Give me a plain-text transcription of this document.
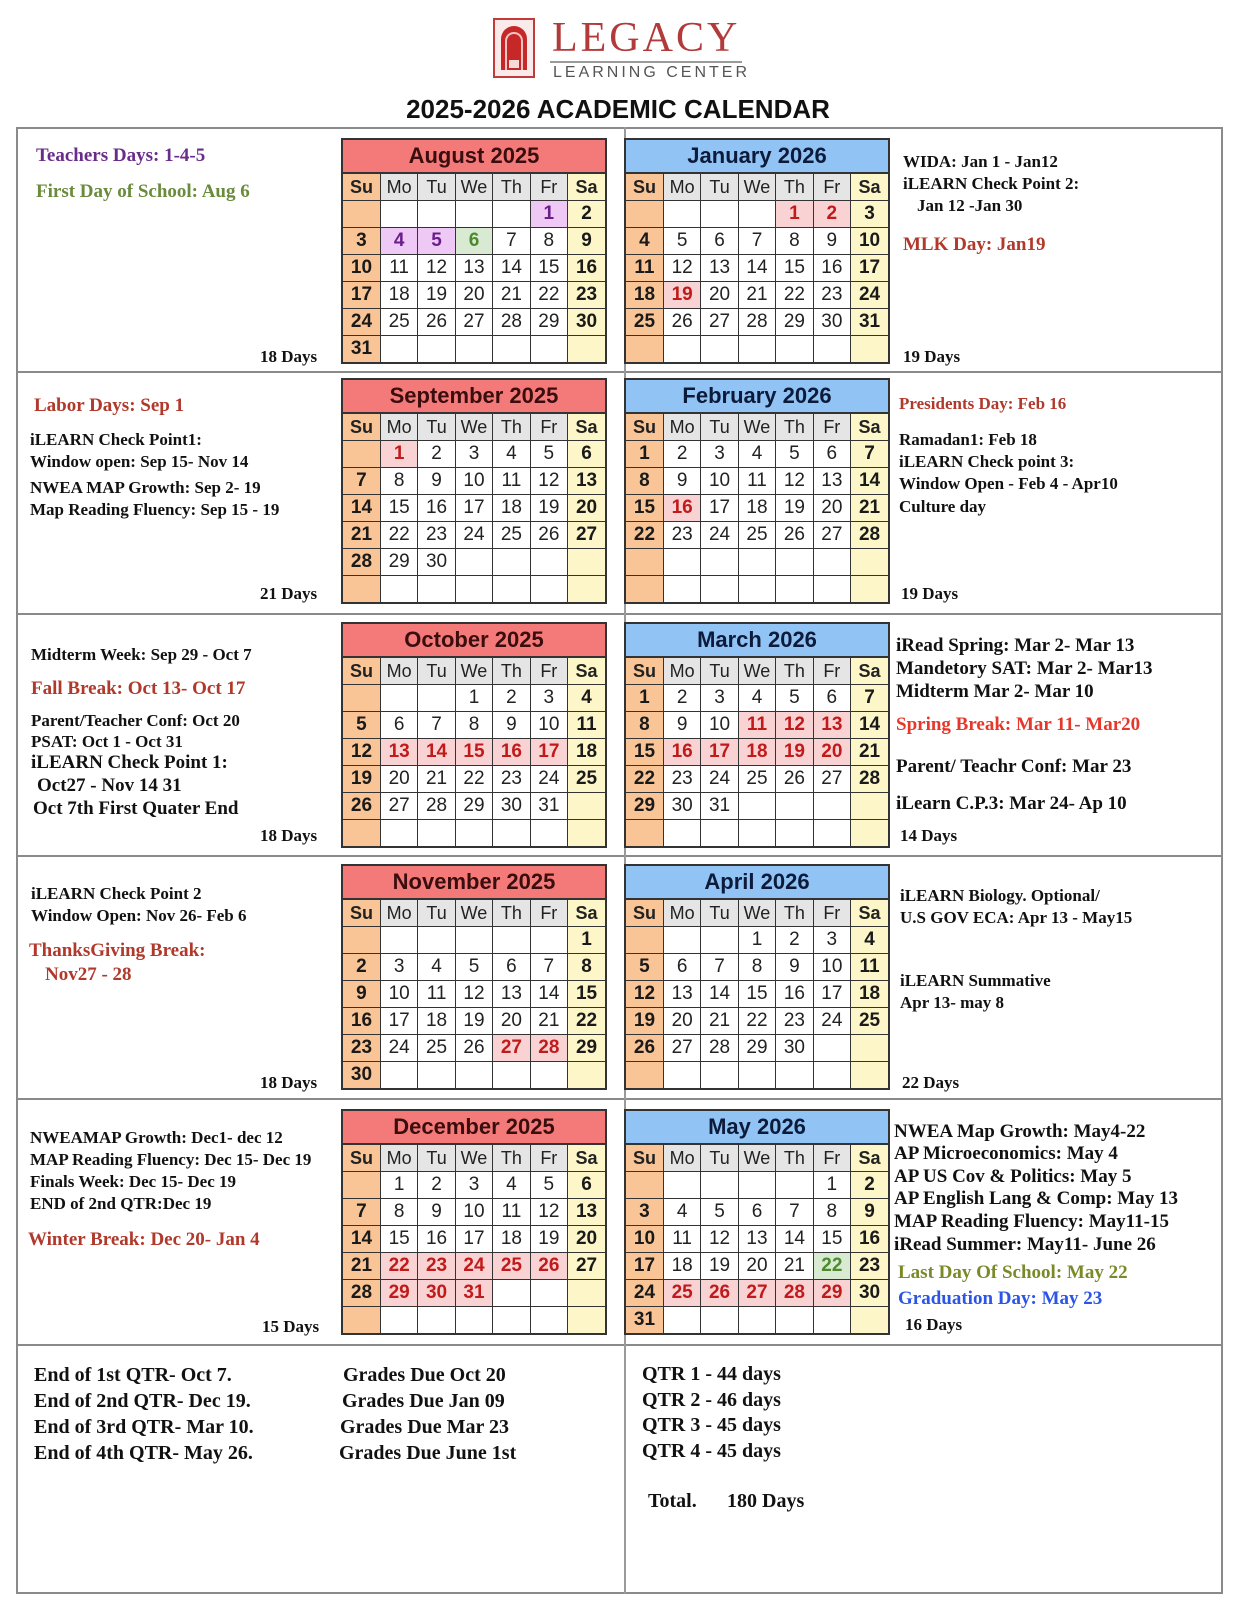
LEGACY
LEARNING CENTER
2025-2026 ACADEMIC CALENDAR
August 2025
Su	Mo	Tu	We	Th	Fr	Sa
					1	2
3	4	5	6	7	8	9
10	11	12	13	14	15	16
17	18	19	20	21	22	23
24	25	26	27	28	29	30
31						
January 2026
Su	Mo	Tu	We	Th	Fr	Sa
				1	2	3
4	5	6	7	8	9	10
11	12	13	14	15	16	17
18	19	20	21	22	23	24
25	26	27	28	29	30	31

September 2025
Su	Mo	Tu	We	Th	Fr	Sa
	1	2	3	4	5	6
7	8	9	10	11	12	13
14	15	16	17	18	19	20
21	22	23	24	25	26	27
28	29	30				

February 2026
Su	Mo	Tu	We	Th	Fr	Sa
1	2	3	4	5	6	7
8	9	10	11	12	13	14
15	16	17	18	19	20	21
22	23	24	25	26	27	28

October 2025
Su	Mo	Tu	We	Th	Fr	Sa
			1	2	3	4
5	6	7	8	9	10	11
12	13	14	15	16	17	18
19	20	21	22	23	24	25
26	27	28	29	30	31	

March 2026
Su	Mo	Tu	We	Th	Fr	Sa
1	2	3	4	5	6	7
8	9	10	11	12	13	14
15	16	17	18	19	20	21
22	23	24	25	26	27	28
29	30	31				

November 2025
Su	Mo	Tu	We	Th	Fr	Sa
						1
2	3	4	5	6	7	8
9	10	11	12	13	14	15
16	17	18	19	20	21	22
23	24	25	26	27	28	29
30						
April 2026
Su	Mo	Tu	We	Th	Fr	Sa
			1	2	3	4
5	6	7	8	9	10	11
12	13	14	15	16	17	18
19	20	21	22	23	24	25
26	27	28	29	30		

December 2025
Su	Mo	Tu	We	Th	Fr	Sa
	1	2	3	4	5	6
7	8	9	10	11	12	13
14	15	16	17	18	19	20
21	22	23	24	25	26	27
28	29	30	31			

May 2026
Su	Mo	Tu	We	Th	Fr	Sa
					1	2
3	4	5	6	7	8	9
10	11	12	13	14	15	16
17	18	19	20	21	22	23
24	25	26	27	28	29	30
31						
Teachers Days: 1-4-5
First Day of School: Aug 6
18 Days
WIDA: Jan 1 - Jan12
iLEARN Check Point 2:
Jan 12 -Jan 30
MLK Day: Jan19
19 Days
Labor Days: Sep 1
iLEARN Check Point1:
Window open: Sep 15- Nov 14
NWEA MAP Growth: Sep 2- 19
Map Reading Fluency: Sep 15 - 19
21 Days
Presidents Day: Feb 16
Ramadan1: Feb 18
iLEARN Check point 3:
Window Open - Feb 4 - Apr10
Culture day
19 Days
Midterm Week: Sep 29 - Oct 7
Fall Break: Oct 13- Oct 17
Parent/Teacher Conf: Oct 20
PSAT: Oct 1 - Oct 31
iLEARN Check Point 1:
Oct27 - Nov 14 31
Oct 7th First Quater End
18 Days
iRead Spring: Mar 2- Mar 13
Mandetory SAT: Mar 2- Mar13
Midterm Mar 2- Mar 10
Spring Break: Mar 11- Mar20
Parent/ Teachr Conf: Mar 23
iLearn C.P.3: Mar 24- Ap 10
14 Days
iLEARN Check Point 2
Window Open: Nov 26- Feb 6
ThanksGiving Break:
Nov27 - 28
18 Days
iLEARN Biology. Optional/
U.S GOV ECA: Apr 13 - May15
iLEARN Summative
Apr 13- may 8
22 Days
NWEAMAP Growth: Dec1- dec 12
MAP Reading Fluency: Dec 15- Dec 19
Finals Week: Dec 15- Dec 19
END of 2nd QTR:Dec 19
Winter Break: Dec 20- Jan 4
15 Days
NWEA Map Growth: May4-22
AP Microeconomics: May 4
AP US Cov & Politics: May 5
AP English Lang & Comp: May 13
MAP Reading Fluency: May11-15
iRead Summer: May11- June 26
Last Day Of School: May 22
Graduation Day: May 23
16 Days
End of 1st QTR- Oct 7.
End of 2nd QTR- Dec 19.
End of 3rd QTR- Mar 10.
End of 4th QTR- May 26.
Grades Due Oct 20
Grades Due Jan 09
Grades Due Mar 23
Grades Due June 1st
QTR 1 - 44 days
QTR 2 - 46 days
QTR 3 - 45 days
QTR 4 - 45 days
Total. 180 Days
